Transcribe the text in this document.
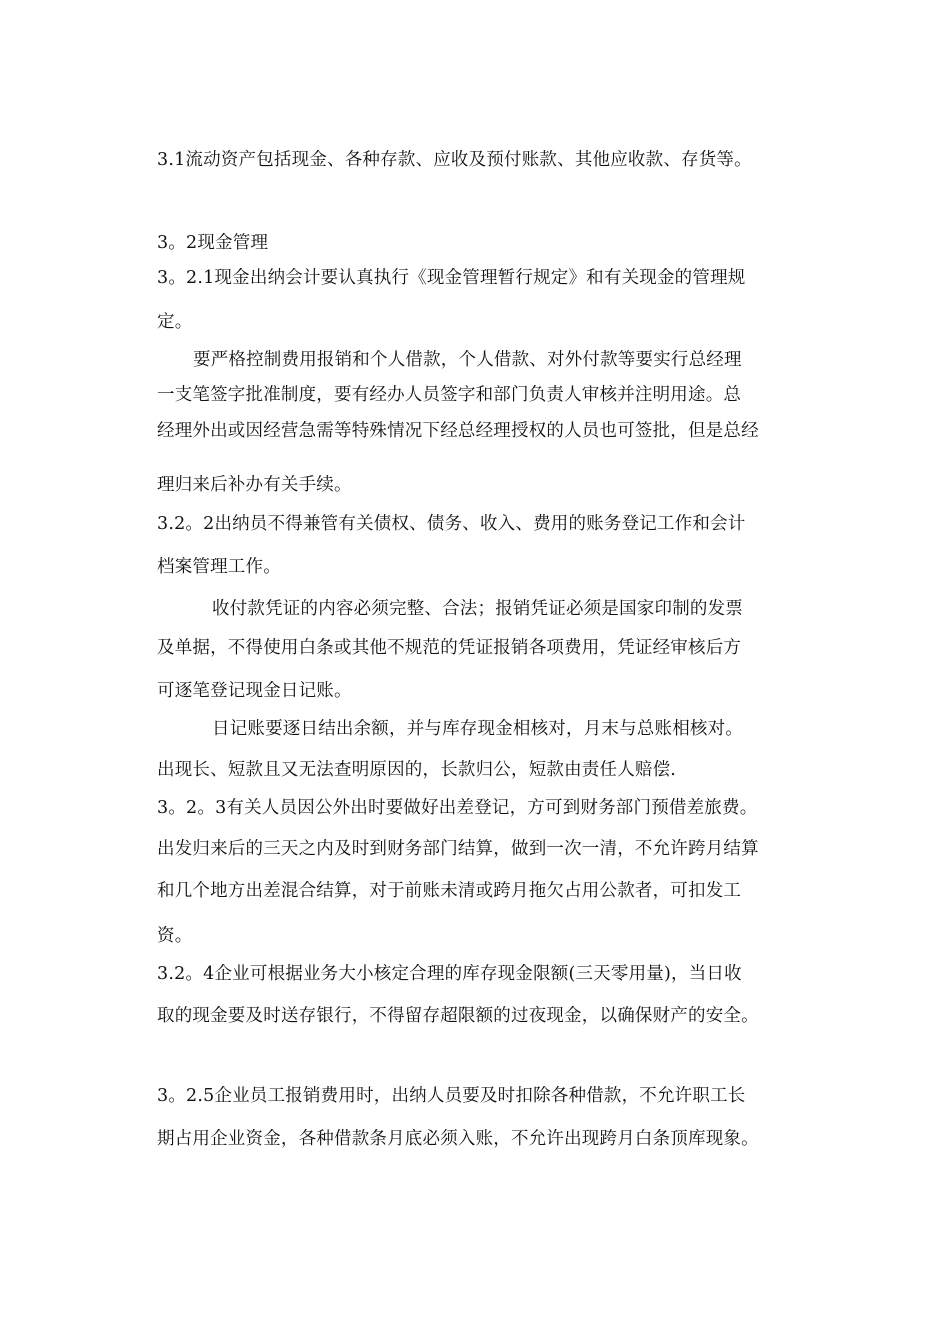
3.1流动资产包括现金、各种存款、应收及预付账款、其他应收款、存货等。
3。2现金管理
3。2.1现金出纳会计要认真执行《现金管理暂行规定》和有关现金的管理规
定。
要严格控制费用报销和个人借款，个人借款、对外付款等要实行总经理
一支笔签字批准制度，要有经办人员签字和部门负责人审核并注明用途。总
经理外出或因经营急需等特殊情况下经总经理授权的人员也可签批，但是总经
理归来后补办有关手续。
3.2。2出纳员不得兼管有关债权、债务、收入、费用的账务登记工作和会计
档案管理工作。
收付款凭证的内容必须完整、合法；报销凭证必须是国家印制的发票
及单据，不得使用白条或其他不规范的凭证报销各项费用，凭证经审核后方
可逐笔登记现金日记账。
日记账要逐日结出余额，并与库存现金相核对，月末与总账相核对。
出现长、短款且又无法查明原因的，长款归公，短款由责任人赔偿.
3。2。3有关人员因公外出时要做好出差登记，方可到财务部门预借差旅费。
出发归来后的三天之内及时到财务部门结算，做到一次一清，不允许跨月结算
和几个地方出差混合结算，对于前账未清或跨月拖欠占用公款者，可扣发工
资。
3.2。4企业可根据业务大小核定合理的库存现金限额(三天零用量)，当日收
取的现金要及时送存银行，不得留存超限额的过夜现金，以确保财产的安全。
3。2.5企业员工报销费用时，出纳人员要及时扣除各种借款，不允许职工长
期占用企业资金，各种借款条月底必须入账，不允许出现跨月白条顶库现象。
